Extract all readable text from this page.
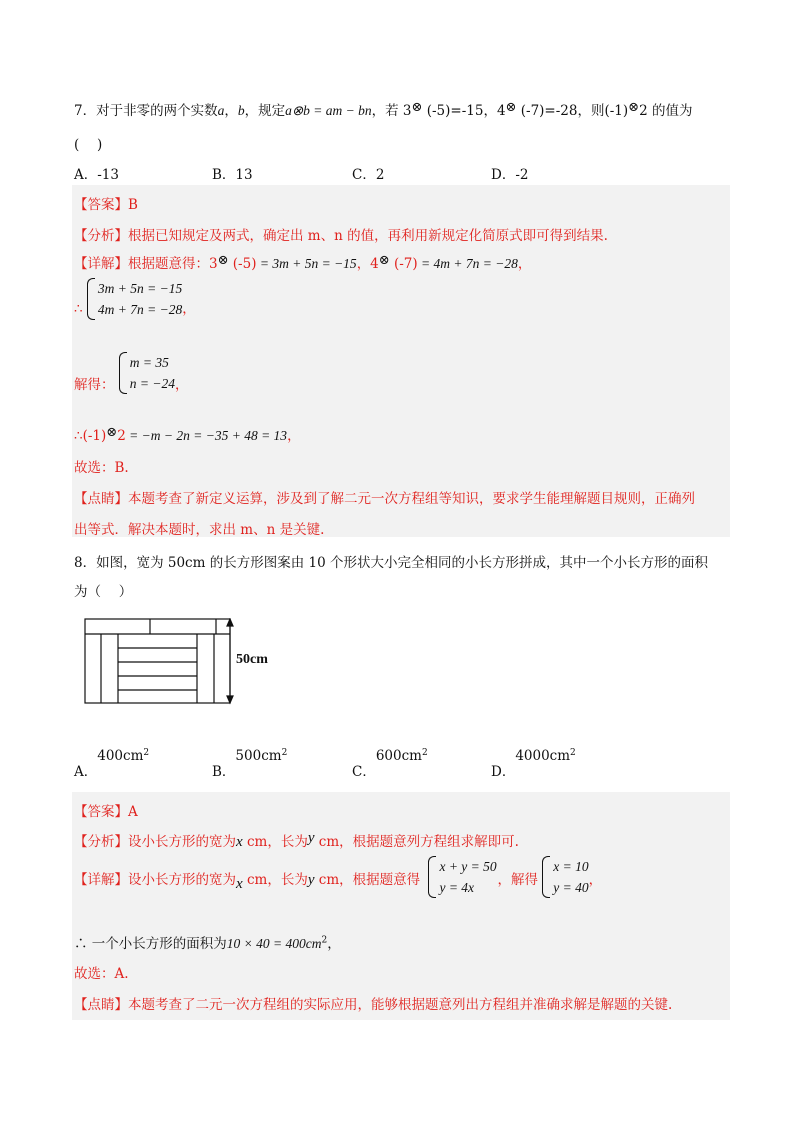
7．对于非零的两个实数a，b，规定a⊗b = am − bn，若 3⊗ (-5)=-15，4⊗ (-7)=-28，则(-1)⊗2 的值为
(　 )
A．-13	B．13	C．2	D．-2
【答案】B
【分析】根据已知规定及两式，确定出 m、n 的值，再利用新规定化简原式即可得到结果.
【详解】根据题意得：3⊗ (-5) = 3m + 5n = −15，4⊗ (-7) = 4m + 7n = −28，
∴
3m + 5n = −15
4m + 7n = −28 ，
解得：
m = 35
n = −24 ，
∴(-1)⊗2 = −m − 2n = −35 + 48 = 13，
故选：B.
【点睛】本题考查了新定义运算，涉及到了解二元一次方程组等知识，要求学生能理解题目规则，正确列
出等式．解决本题时，求出 m、n 是关键.
8．如图，宽为 50cm 的长方形图案由 10 个形状大小完全相同的小长方形拼成，其中一个小长方形的面积
为（　 ）
50cm
A．$400cm^2$
B．$500cm^2$
C．$600cm^2$
D．$4000cm^2$
【答案】A
【分析】设小长方形的宽为x cm，长为y cm，根据题意列方程组求解即可.
【详解】设小长方形的宽为x cm，长为y cm，根据题意得
x + y = 50
y = 4x	，解得
x = 10
y = 40 ，
∴ 一个小长方形的面积为$10 \times 40 = 400cm^2$，
故选：A.
【点睛】本题考查了二元一次方程组的实际应用，能够根据题意列出方程组并准确求解是解题的关键.
